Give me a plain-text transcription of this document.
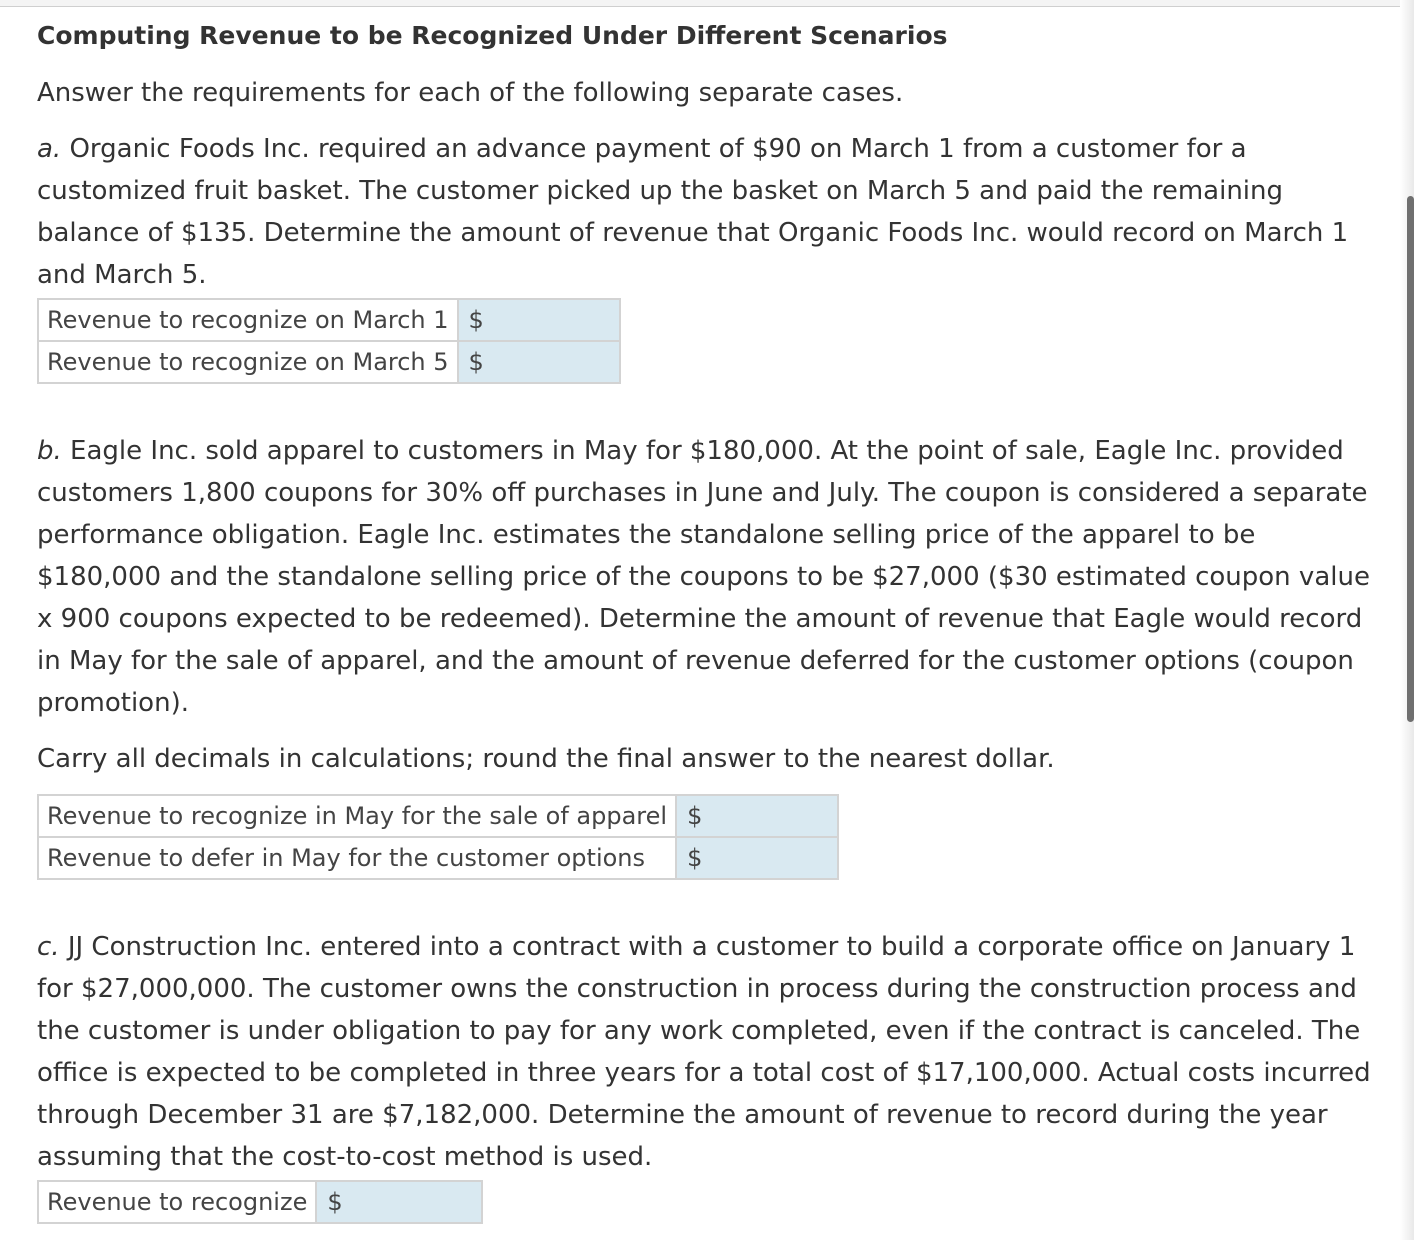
Computing Revenue to be Recognized Under Different Scenarios

Answer the requirements for each of the following separate cases.

a. Organic Foods Inc. required an advance payment of $90 on March 1 from a customer for a customized fruit basket. The customer picked up the basket on March 5 and paid the remaining balance of $135. Determine the amount of revenue that Organic Foods Inc. would record on March 1 and March 5.

Revenue to recognize on March 1	$
Revenue to recognize on March 5	$

b. Eagle Inc. sold apparel to customers in May for $180,000. At the point of sale, Eagle Inc. provided customers 1,800 coupons for 30% off purchases in June and July. The coupon is considered a separate performance obligation. Eagle Inc. estimates the standalone selling price of the apparel to be $180,000 and the standalone selling price of the coupons to be $27,000 ($30 estimated coupon value x 900 coupons expected to be redeemed). Determine the amount of revenue that Eagle would record in May for the sale of apparel, and the amount of revenue deferred for the customer options (coupon promotion).

Carry all decimals in calculations; round the final answer to the nearest dollar.

Revenue to recognize in May for the sale of apparel	$
Revenue to defer in May for the customer options	$

c. JJ Construction Inc. entered into a contract with a customer to build a corporate office on January 1 for $27,000,000. The customer owns the construction in process during the construction process and the customer is under obligation to pay for any work completed, even if the contract is canceled. The office is expected to be completed in three years for a total cost of $17,100,000. Actual costs incurred through December 31 are $7,182,000. Determine the amount of revenue to record during the year assuming that the cost-to-cost method is used.

Revenue to recognize	$
